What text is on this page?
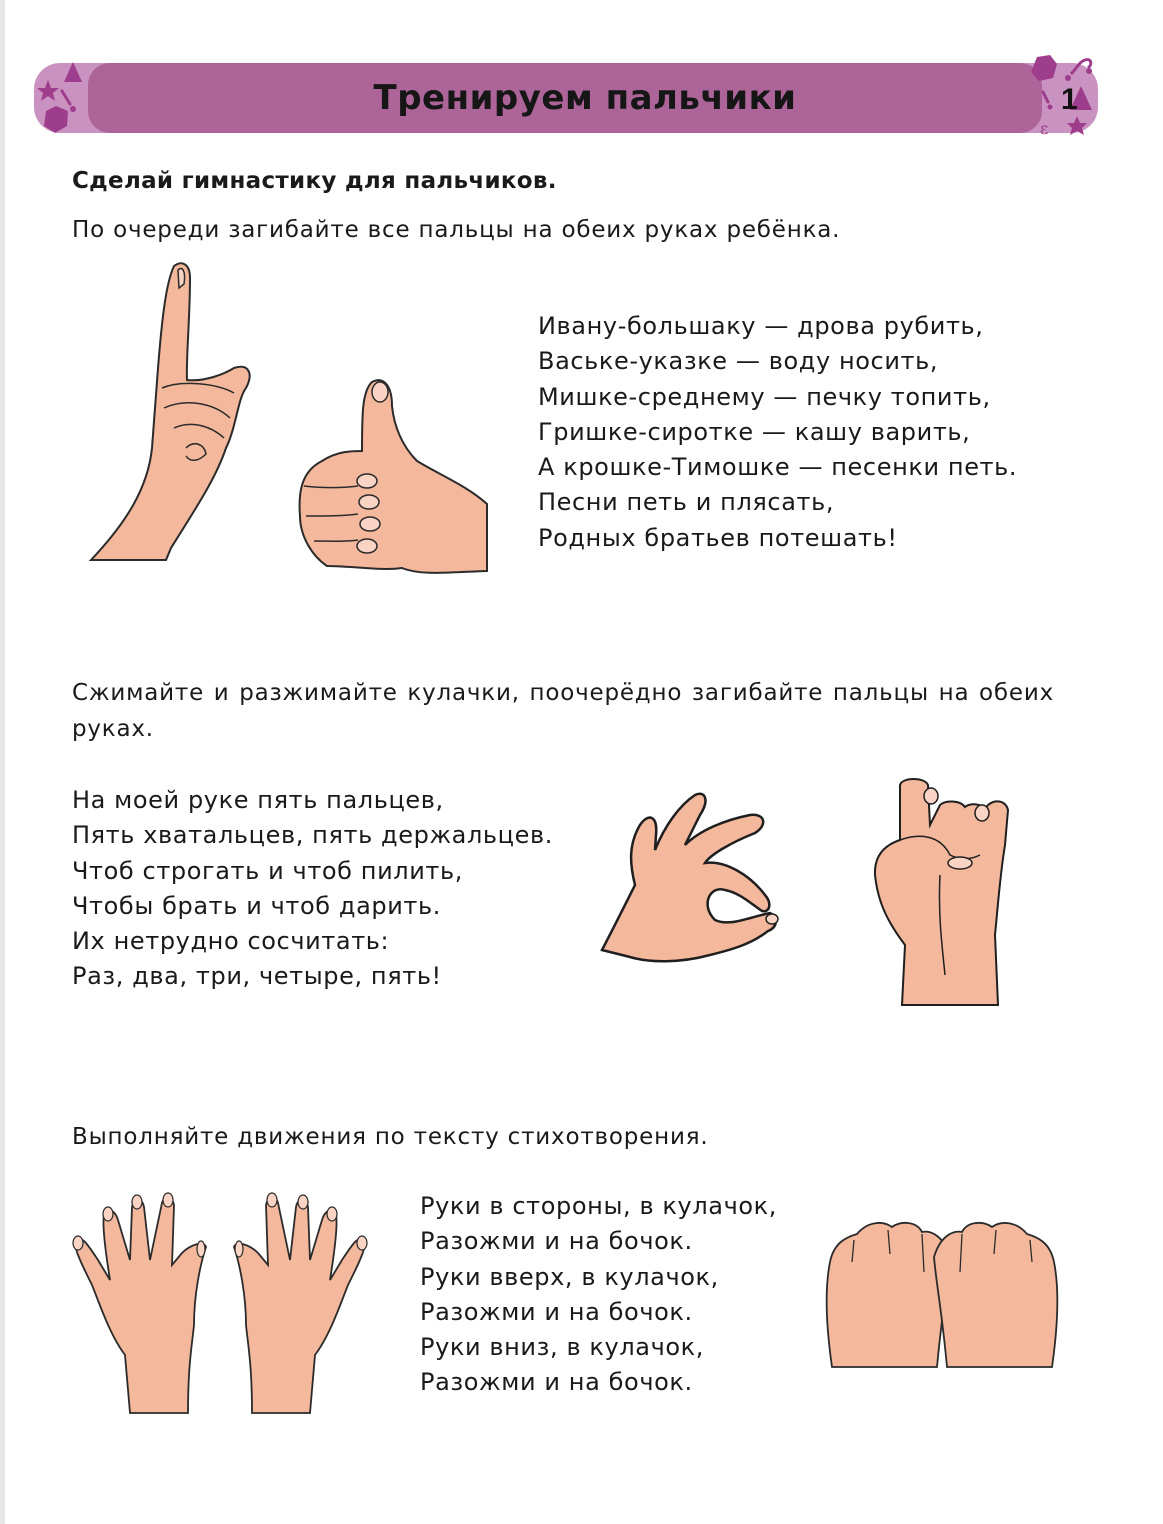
Тренируем пальчики
ε
1
Сделай гимнастику для пальчиков.
По очереди загибайте все пальцы на обеих руках ребёнка.
Ивану-большаку — дрова рубить,
Ваське-указке — воду носить,
Мишке-среднему — печку топить,
Гришке-сиротке — кашу варить,
А крошке-Тимошке — песенки петь.
Песни петь и плясать,
Родных братьев потешать!
Сжимайте и разжимайте кулачки, поочерёдно загибайте пальцы на обеих руках.
На моей руке пять пальцев,
Пять хватальцев, пять держальцев.
Чтоб строгать и чтоб пилить,
Чтобы брать и чтоб дарить.
Их нетрудно сосчитать:
Раз, два, три, четыре, пять!
Выполняйте движения по тексту стихотворения.
Руки в стороны, в кулачок,
Разожми и на бочок.
Руки вверх, в кулачок,
Разожми и на бочок.
Руки вниз, в кулачок,
Разожми и на бочок.
